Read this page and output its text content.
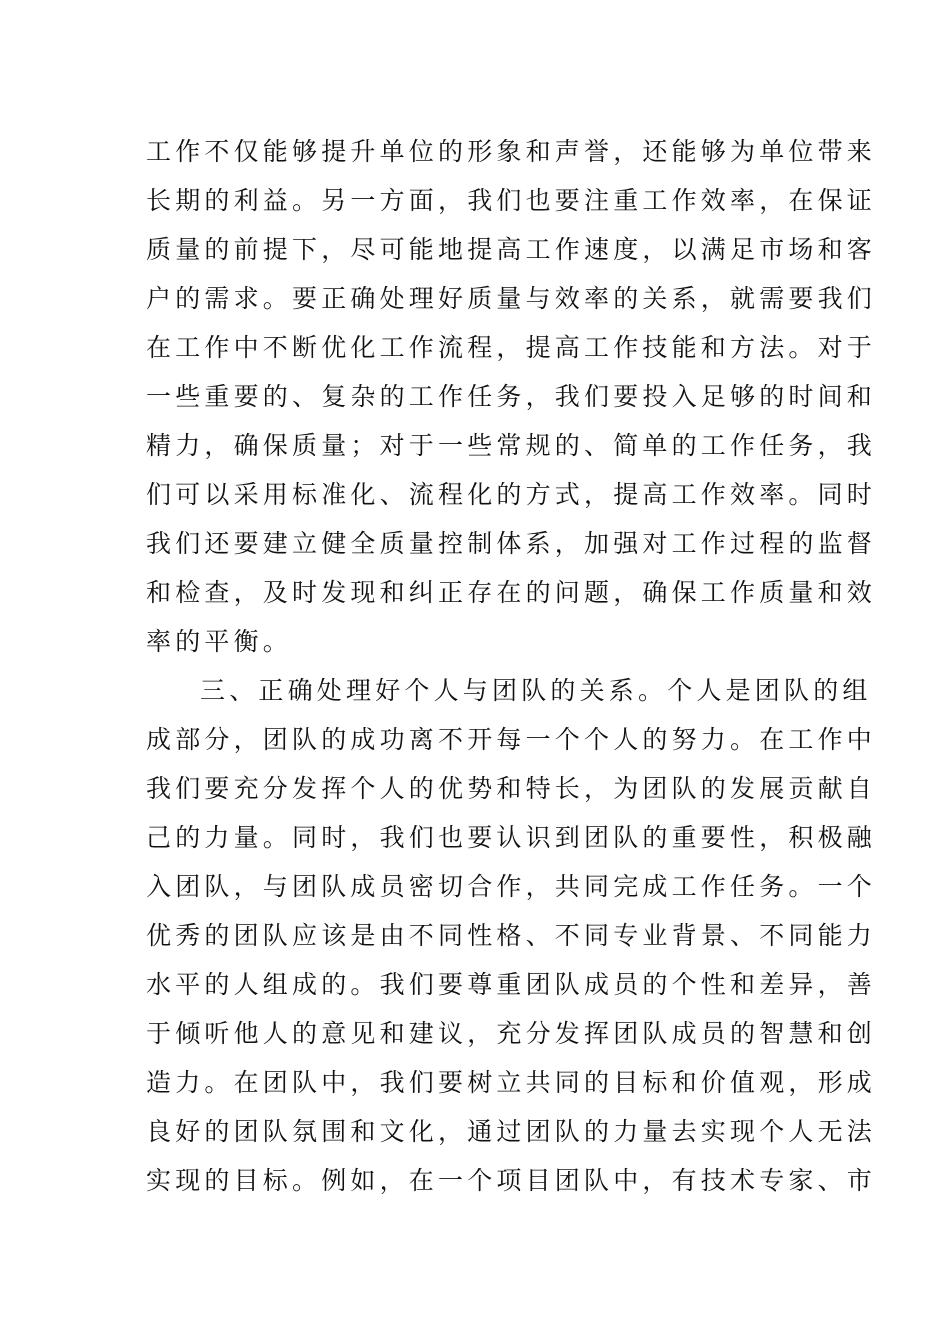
工作不仅能够提升单位的形象和声誉，还能够为单位带来
长期的利益。另一方面，我们也要注重工作效率，在保证
质量的前提下，尽可能地提高工作速度，以满足市场和客
户的需求。要正确处理好质量与效率的关系，就需要我们
在工作中不断优化工作流程，提高工作技能和方法。对于
一些重要的、复杂的工作任务，我们要投入足够的时间和
精力，确保质量；对于一些常规的、简单的工作任务，我
们可以采用标准化、流程化的方式，提高工作效率。同时
我们还要建立健全质量控制体系，加强对工作过程的监督
和检查，及时发现和纠正存在的问题，确保工作质量和效
率的平衡。
三、正确处理好个人与团队的关系。个人是团队的组
成部分，团队的成功离不开每一个个人的努力。在工作中
我们要充分发挥个人的优势和特长，为团队的发展贡献自
己的力量。同时，我们也要认识到团队的重要性，积极融
入团队，与团队成员密切合作，共同完成工作任务。一个
优秀的团队应该是由不同性格、不同专业背景、不同能力
水平的人组成的。我们要尊重团队成员的个性和差异，善
于倾听他人的意见和建议，充分发挥团队成员的智慧和创
造力。在团队中，我们要树立共同的目标和价值观，形成
良好的团队氛围和文化，通过团队的力量去实现个人无法
实现的目标。例如，在一个项目团队中，有技术专家、市
